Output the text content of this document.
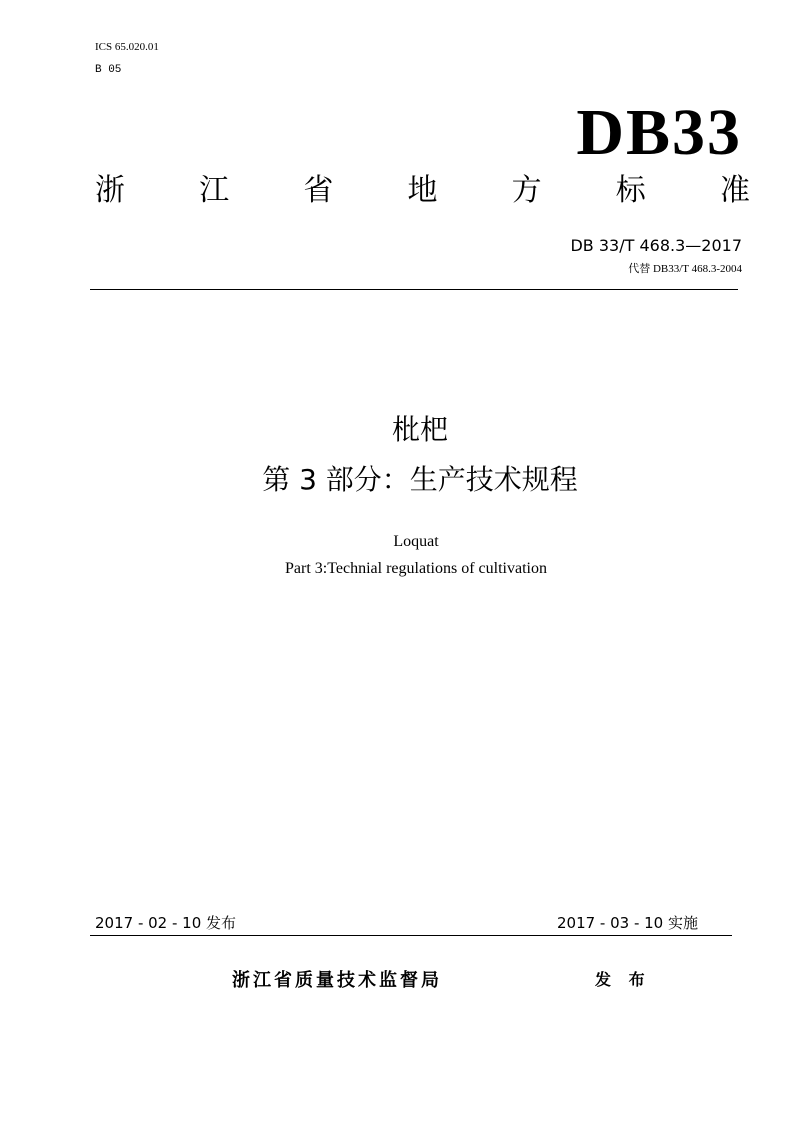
ICS 65.020.01
B 05
DB33
浙 江 省 地 方 标 准
DB 33/T 468.3—2017
代替 DB33/T 468.3-2004
枇杷
第 3 部分：生产技术规程
Loquat
Part 3:Technial regulations of cultivation
2017 - 02 - 10 发布	2017 - 03 - 10 实施
浙江省质量技术监督局	发 布
